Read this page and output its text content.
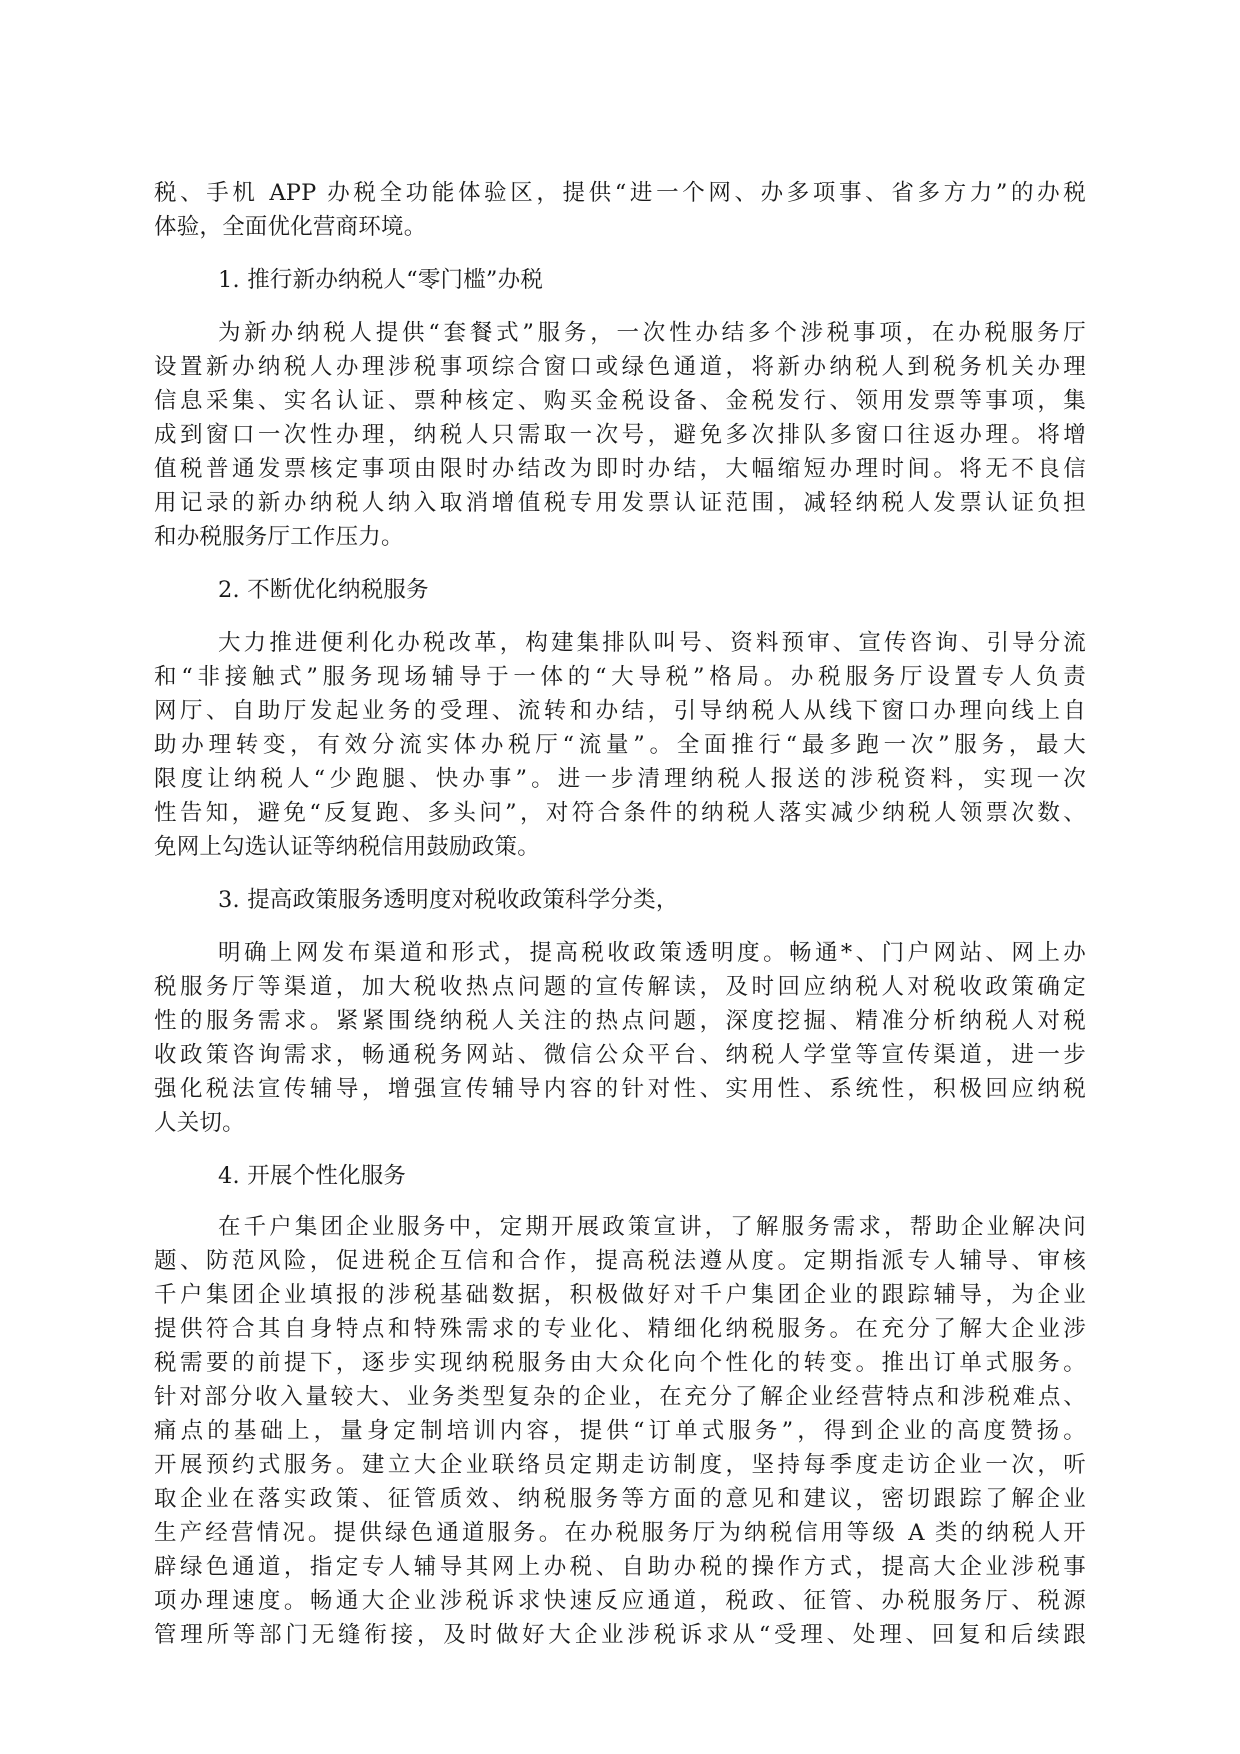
税、手机 APP 办税全功能体验区，提供“进一个网、办多项事、省多方力”的办税
体验，全面优化营商环境。
1. 推行新办纳税人“零门槛”办税
为新办纳税人提供“套餐式”服务，一次性办结多个涉税事项，在办税服务厅
设置新办纳税人办理涉税事项综合窗口或绿色通道，将新办纳税人到税务机关办理
信息采集、实名认证、票种核定、购买金税设备、金税发行、领用发票等事项，集
成到窗口一次性办理，纳税人只需取一次号，避免多次排队多窗口往返办理。将增
值税普通发票核定事项由限时办结改为即时办结，大幅缩短办理时间。将无不良信
用记录的新办纳税人纳入取消增值税专用发票认证范围，减轻纳税人发票认证负担
和办税服务厅工作压力。
2. 不断优化纳税服务
大力推进便利化办税改革，构建集排队叫号、资料预审、宣传咨询、引导分流
和“非接触式”服务现场辅导于一体的“大导税”格局。办税服务厅设置专人负责
网厅、自助厅发起业务的受理、流转和办结，引导纳税人从线下窗口办理向线上自
助办理转变，有效分流实体办税厅“流量”。全面推行“最多跑一次”服务，最大
限度让纳税人“少跑腿、快办事”。进一步清理纳税人报送的涉税资料，实现一次
性告知，避免“反复跑、多头问”，对符合条件的纳税人落实减少纳税人领票次数、
免网上勾选认证等纳税信用鼓励政策。
3. 提高政策服务透明度对税收政策科学分类，
明确上网发布渠道和形式，提高税收政策透明度。畅通*、门户网站、网上办
税服务厅等渠道，加大税收热点问题的宣传解读，及时回应纳税人对税收政策确定
性的服务需求。紧紧围绕纳税人关注的热点问题，深度挖掘、精准分析纳税人对税
收政策咨询需求，畅通税务网站、微信公众平台、纳税人学堂等宣传渠道，进一步
强化税法宣传辅导，增强宣传辅导内容的针对性、实用性、系统性，积极回应纳税
人关切。
4. 开展个性化服务
在千户集团企业服务中，定期开展政策宣讲，了解服务需求，帮助企业解决问
题、防范风险，促进税企互信和合作，提高税法遵从度。定期指派专人辅导、审核
千户集团企业填报的涉税基础数据，积极做好对千户集团企业的跟踪辅导，为企业
提供符合其自身特点和特殊需求的专业化、精细化纳税服务。在充分了解大企业涉
税需要的前提下，逐步实现纳税服务由大众化向个性化的转变。推出订单式服务。
针对部分收入量较大、业务类型复杂的企业，在充分了解企业经营特点和涉税难点、
痛点的基础上，量身定制培训内容，提供“订单式服务”，得到企业的高度赞扬。
开展预约式服务。建立大企业联络员定期走访制度，坚持每季度走访企业一次，听
取企业在落实政策、征管质效、纳税服务等方面的意见和建议，密切跟踪了解企业
生产经营情况。提供绿色通道服务。在办税服务厅为纳税信用等级 A 类的纳税人开
辟绿色通道，指定专人辅导其网上办税、自助办税的操作方式，提高大企业涉税事
项办理速度。畅通大企业涉税诉求快速反应通道，税政、征管、办税服务厅、税源
管理所等部门无缝衔接，及时做好大企业涉税诉求从“受理、处理、回复和后续跟
